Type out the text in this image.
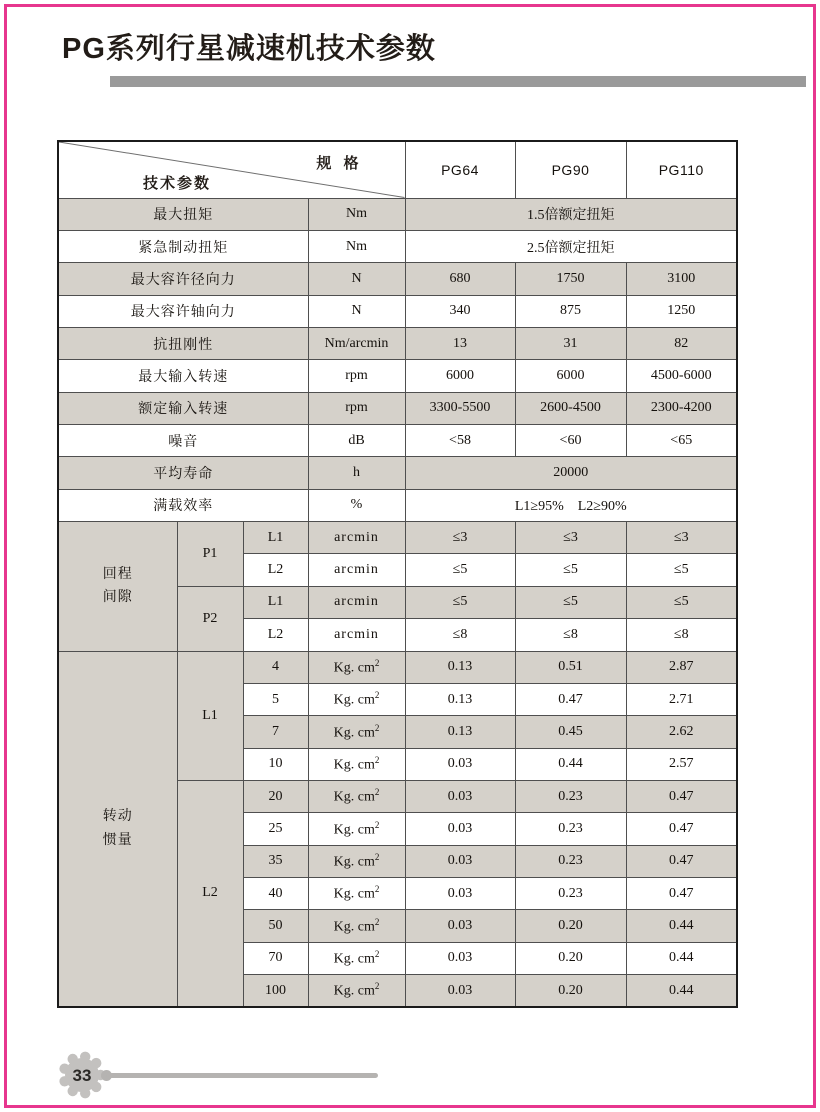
PG系列行星减速机技术参数
规 格
技术参数				PG64	PG90	PG110
最大扭矩			Nm	1.5倍额定扭矩		
紧急制动扭矩			Nm	2.5倍额定扭矩		
最大容许径向力			N	680	1750	3100
最大容许轴向力			N	340	875	1250
抗扭刚性			Nm/arcmin	13	31	82
最大输入转速			rpm	6000	6000	4500-6000
额定输入转速			rpm	3300-5500	2600-4500	2300-4200
噪音			dB	<58	<60	<65
平均寿命			h	20000		
满载效率			%	L1≥95%　L2≥90%		
回程
间隙	P1	L1	arcmin	≤3	≤3	≤3
		L2	arcmin	≤5	≤5	≤5
	P2	L1	arcmin	≤5	≤5	≤5
		L2	arcmin	≤8	≤8	≤8
转动
惯量	L1	4	Kg. $cm^2$	0.13	0.51	2.87
		5	Kg. $cm^2$	0.13	0.47	2.71
		7	Kg. $cm^2$	0.13	0.45	2.62
		10	Kg. $cm^2$	0.03	0.44	2.57
	L2	20	Kg. $cm^2$	0.03	0.23	0.47
		25	Kg. $cm^2$	0.03	0.23	0.47
		35	Kg. $cm^2$	0.03	0.23	0.47
		40	Kg. $cm^2$	0.03	0.23	0.47
		50	Kg. $cm^2$	0.03	0.20	0.44
		70	Kg. $cm^2$	0.03	0.20	0.44
		100	Kg. $cm^2$	0.03	0.20	0.44
33
